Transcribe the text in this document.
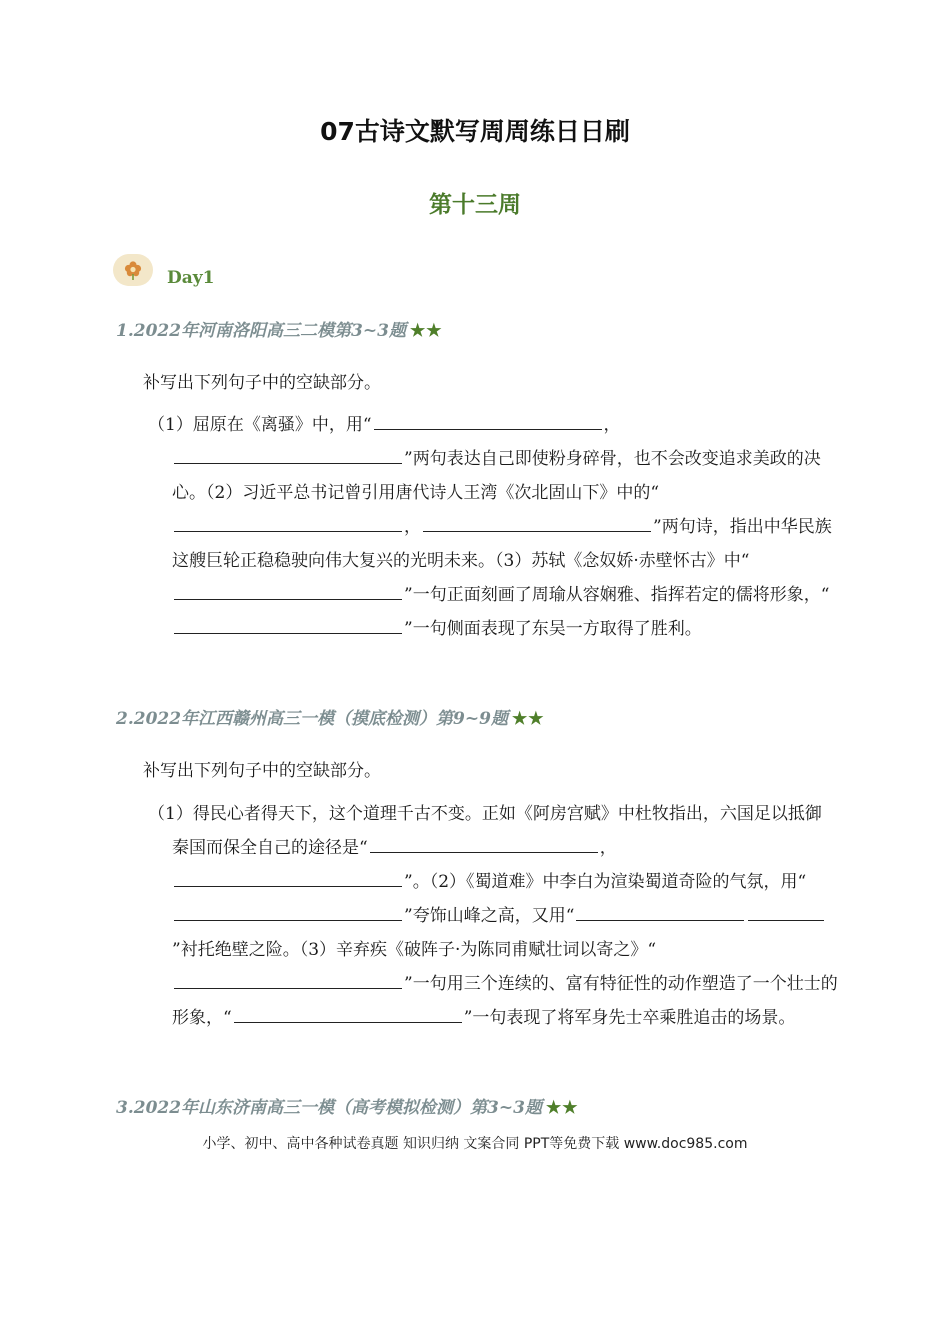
07古诗文默写周周练日日刷
第十三周
Day1
1.2022年河南洛阳高三二模第3~3题 ★★
补写出下列句子中的空缺部分。
（1）屈原在《离骚》中，用“	，”两句表达自己即使粉身碎骨，也不会改变追求美政的决心。（2）习近平总书记曾引用唐代诗人王湾《次北固山下》中的“，	”两句诗，指出中华民族这艘巨轮正稳稳驶向伟大复兴的光明未来。（3）苏轼《念奴娇·赤壁怀古》中“”一句正面刻画了周瑜从容娴雅、指挥若定的儒将形象，“”一句侧面表现了东吴一方取得了胜利。
2.2022年江西赣州高三一模（摸底检测）第9~9题 ★★
补写出下列句子中的空缺部分。
（1）得民心者得天下，这个道理千古不变。正如《阿房宫赋》中杜牧指出，六国足以抵御秦国而保全自己的途径是“	，”。（2）《蜀道难》中李白为渲染蜀道奇险的气氛，用“”夸饰山峰之高，又用“”衬托绝壁之险。（3）辛弃疾《破阵子·为陈同甫赋壮词以寄之》“”一句用三个连续的、富有特征性的动作塑造了一个壮士的形象，“	”一句表现了将军身先士卒乘胜追击的场景。
3.2022年山东济南高三一模（高考模拟检测）第3~3题 ★★
小学、初中、高中各种试卷真题 知识归纳 文案合同 PPT等免费下载 www.doc985.com
